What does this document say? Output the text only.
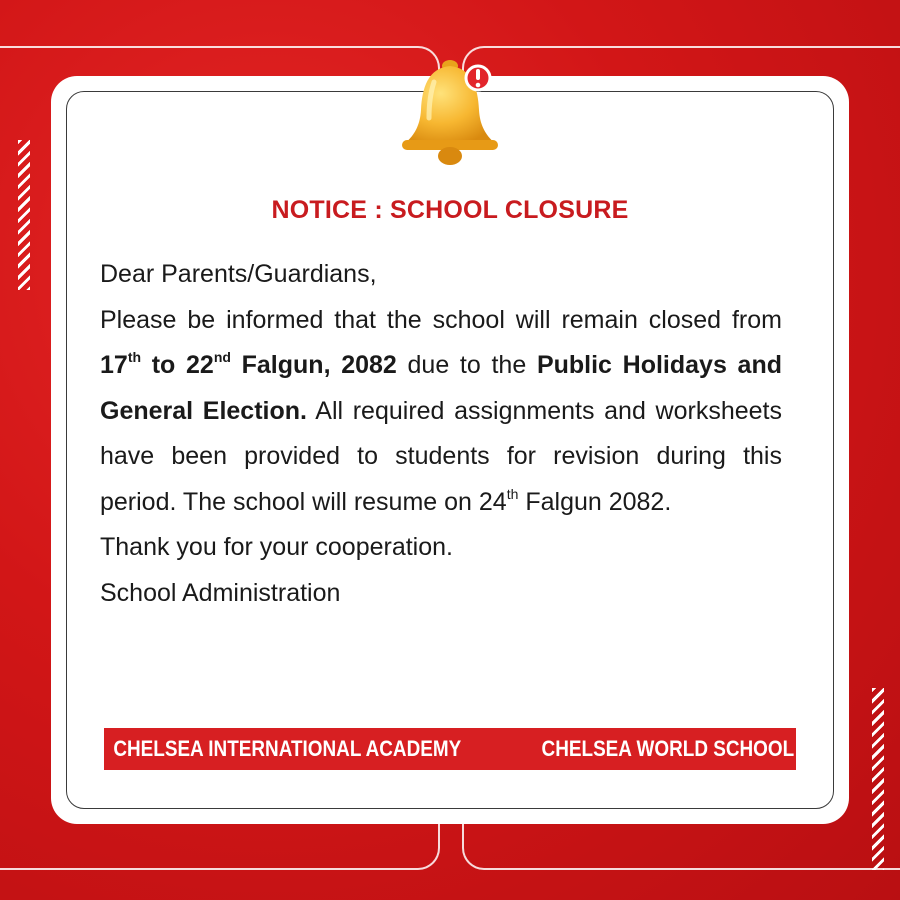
NOTICE : SCHOOL CLOSURE

Dear Parents/Guardians,

Please be informed that the school will remain closed from 17th to 22nd Falgun, 2082 due to the Public Holidays and General Election. All required assignments and worksheets have been provided to students for revision during this period. The school will resume on 24th Falgun 2082.

Thank you for your cooperation.

School Administration

CHELSEA INTERNATIONAL ACADEMY	CHELSEA WORLD SCHOOL
